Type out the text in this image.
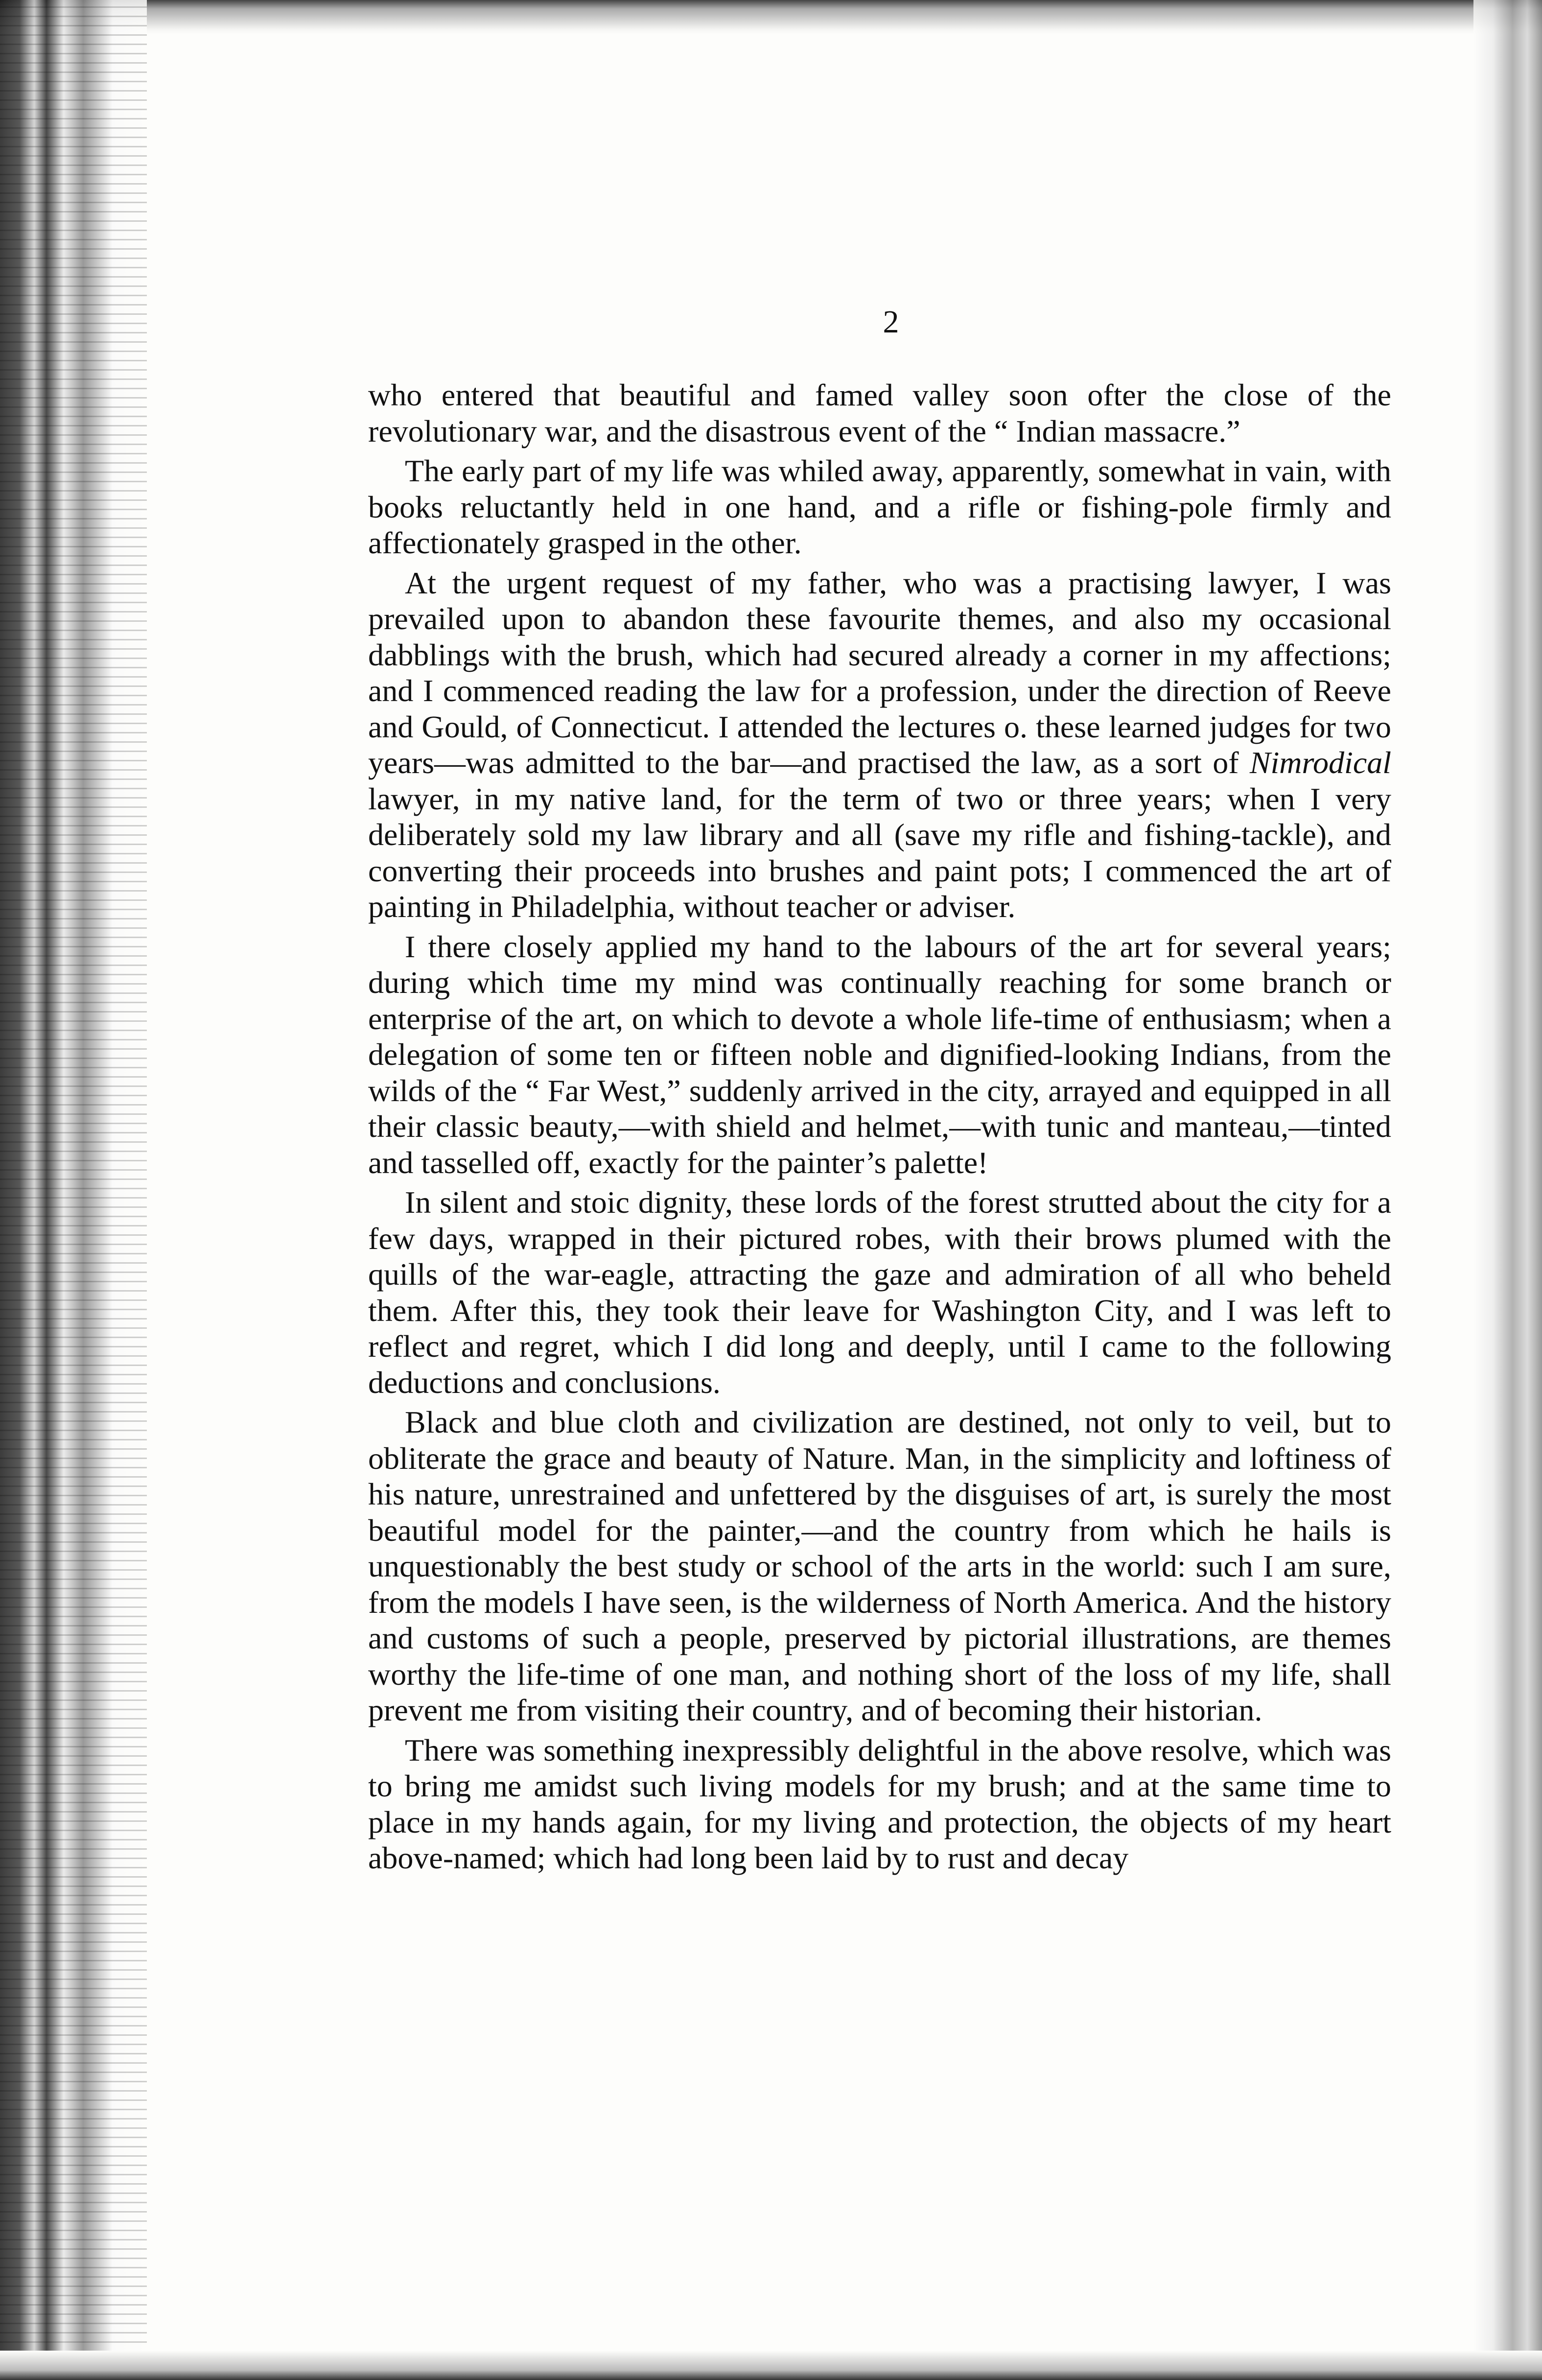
2

who entered that beautiful and famed valley soon ofter the close of the revolutionary war, and the disastrous event of the “ Indian massacre.”

The early part of my life was whiled away, apparently, somewhat in vain, with books reluctantly held in one hand, and a rifle or fishing-pole firmly and affectionately grasped in the other.

At the urgent request of my father, who was a practising lawyer, I was prevailed upon to abandon these favourite themes, and also my occasional dabblings with the brush, which had secured already a corner in my affections; and I commenced reading the law for a profession, under the direction of Reeve and Gould, of Connecticut. I attended the lectures o. these learned judges for two years—was admitted to the bar—and practised the law, as a sort of Nimrodical lawyer, in my native land, for the term of two or three years; when I very deliberately sold my law library and all (save my rifle and fishing-tackle), and converting their proceeds into brushes and paint pots; I commenced the art of painting in Philadelphia, without teacher or adviser.

I there closely applied my hand to the labours of the art for several years; during which time my mind was continually reaching for some branch or enterprise of the art, on which to devote a whole life-time of enthusiasm; when a delegation of some ten or fifteen noble and dignified-looking Indians, from the wilds of the “ Far West,” suddenly arrived in the city, arrayed and equipped in all their classic beauty,—with shield and helmet,—with tunic and manteau,—tinted and tasselled off, exactly for the painter’s palette!

In silent and stoic dignity, these lords of the forest strutted about the city for a few days, wrapped in their pictured robes, with their brows plumed with the quills of the war-eagle, attracting the gaze and admiration of all who beheld them. After this, they took their leave for Washington City, and I was left to reflect and regret, which I did long and deeply, until I came to the following deductions and conclusions.

Black and blue cloth and civilization are destined, not only to veil, but to obliterate the grace and beauty of Nature. Man, in the simplicity and loftiness of his nature, unrestrained and unfettered by the disguises of art, is surely the most beautiful model for the painter,—and the country from which he hails is unquestionably the best study or school of the arts in the world: such I am sure, from the models I have seen, is the wilderness of North America. And the history and customs of such a people, preserved by pictorial illustrations, are themes worthy the life-time of one man, and nothing short of the loss of my life, shall prevent me from visiting their country, and of becoming their historian.

There was something inexpressibly delightful in the above resolve, which was to bring me amidst such living models for my brush; and at the same time to place in my hands again, for my living and protection, the objects of my heart above-named; which had long been laid by to rust and decay
